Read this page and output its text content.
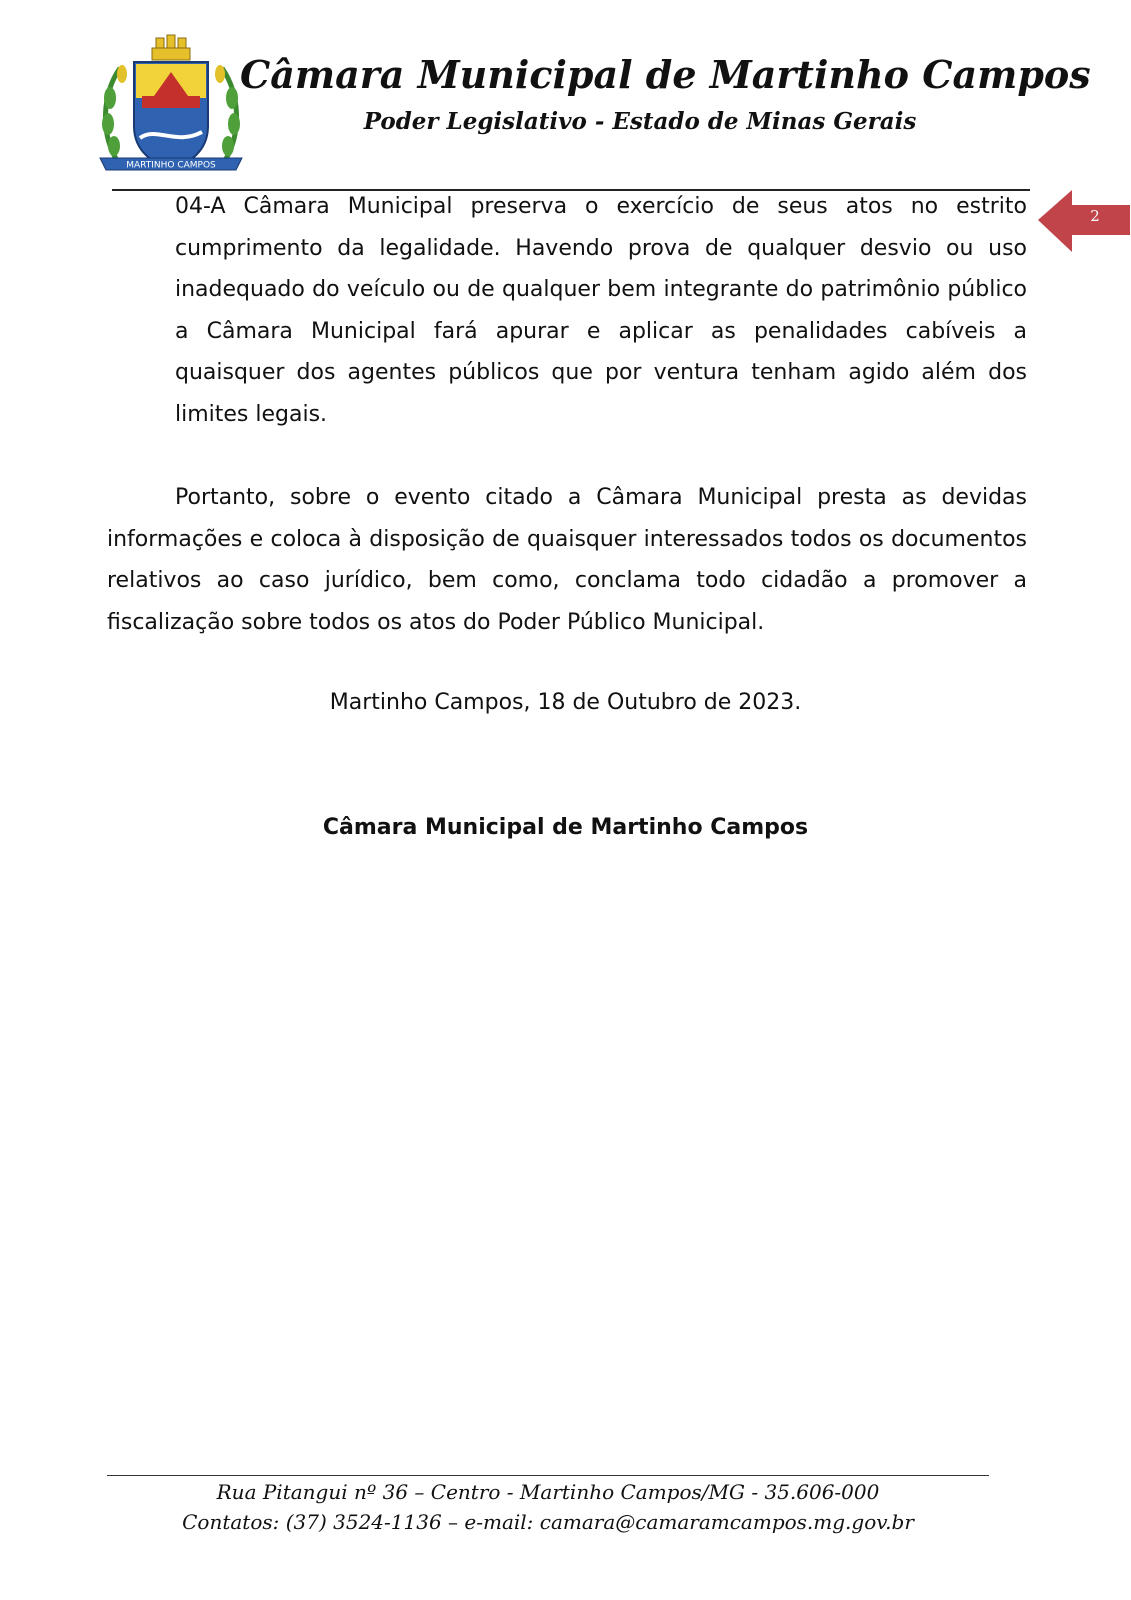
MARTINHO CAMPOS
Câmara Municipal de Martinho Campos
Poder Legislativo - Estado de Minas Gerais
2

04-A Câmara Municipal preserva o exercício de seus atos no estrito cumprimento da legalidade. Havendo prova de qualquer desvio ou uso inadequado do veículo ou de qualquer bem integrante do patrimônio público a Câmara Municipal fará apurar e aplicar as penalidades cabíveis a quaisquer dos agentes públicos que por ventura tenham agido além dos limites legais.

Portanto, sobre o evento citado a Câmara Municipal presta as devidas informações e coloca à disposição de quaisquer interessados todos os documentos relativos ao caso jurídico, bem como, conclama todo cidadão a promover a fiscalização sobre todos os atos do Poder Público Municipal.

Martinho Campos, 18 de Outubro de 2023.
Câmara Municipal de Martinho Campos
Rua Pitangui nº 36 – Centro - Martinho Campos/MG - 35.606-000
Contatos: (37) 3524-1136 – e-mail: camara@camaramcampos.mg.gov.br
